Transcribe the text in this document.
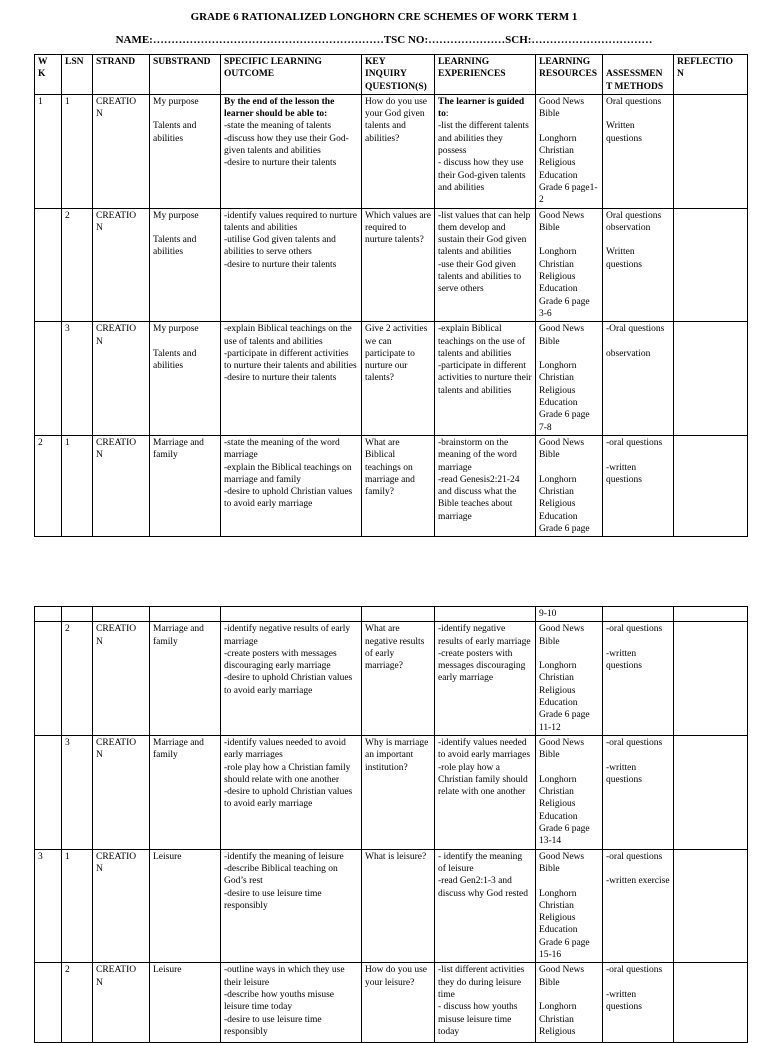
GRADE 6 RATIONALIZED LONGHORN CRE SCHEMES OF WORK TERM 1
NAME:………………………………………………………TSC NO:…………………SCH:……………………………
W
K	LSN	STRAND	SUBSTRAND	SPECIFIC LEARNING
OUTCOME	KEY
INQUIRY
QUESTION(S)	LEARNING
EXPERIENCES	LEARNING
RESOURCES	ASSESSMEN
T METHODS	REFLECTIO
N
1	1	CREATIO
N	My purpose

Talents and
abilities	By the end of the lesson the learner should be able to:
-state the meaning of talents
-discuss how they use their God-given talents and abilities
-desire to nurture their talents	How do you use your God given talents and abilities?	The learner is guided to:
-list the different talents and abilities they possess
- discuss how they use their God-given talents and abilities	Good News Bible

Longhorn Christian Religious Education Grade 6 page1-2	Oral questions

Written questions	
	2	CREATIO
N	My purpose

Talents and
abilities	-identify values required to nurture talents and abilities
-utilise God given talents and abilities to serve others
-desire to nurture their talents	Which values are required to nurture talents?	-list values that can help them develop and sustain their God given talents and abilities
-use their God given talents and abilities to serve others	Good News Bible

Longhorn Christian Religious Education Grade 6 page 3-6	Oral questions observation

Written questions	
	3	CREATIO
N	My purpose

Talents and
abilities	-explain Biblical teachings on the use of talents and abilities
-participate in different activities to nurture their talents and abilities
-desire to nurture their talents	Give 2 activities we can participate to nurture our talents?	-explain Biblical teachings on the use of talents and abilities
-participate in different activities to nurture their talents and abilities	Good News Bible

Longhorn Christian Religious Education Grade 6 page 7-8	-Oral questions

observation	
2	1	CREATIO
N	Marriage and family	-state the meaning of the word marriage
-explain the Biblical teachings on marriage and family
-desire to uphold Christian values to avoid early marriage	What are Biblical teachings on marriage and family?	-brainstorm on the meaning of the word marriage
-read Genesis2:21-24 and discuss what the Bible teaches about marriage	Good News Bible

Longhorn Christian Religious Education Grade 6 page	-oral questions

-written questions	
							9-10		
	2	CREATIO
N	Marriage and family	-identify negative results of early marriage
-create posters with messages discouraging early marriage
-desire to uphold Christian values to avoid early marriage	What are negative results of early marriage?	-identify negative results of early marriage
-create posters with messages discouraging early marriage	Good News Bible

Longhorn Christian Religious Education Grade 6 page 11-12	-oral questions

-written questions	
	3	CREATIO
N	Marriage and family	-identify values needed to avoid early marriages
-role play how a Christian family should relate with one another
-desire to uphold Christian values to avoid early marriage	Why is marriage an important institution?	-identify values needed to avoid early marriages
-role play how a Christian family should relate with one another	Good News Bible

Longhorn Christian Religious Education Grade 6 page 13-14	-oral questions

-written questions	
3	1	CREATIO
N	Leisure	-identify the meaning of leisure
-describe Biblical teaching on God’s rest
-desire to use leisure time responsibly	What is leisure?	- identify the meaning of leisure
-read Gen2:1-3 and discuss why God rested	Good News Bible

Longhorn Christian Religious Education Grade 6 page 15-16	-oral questions

-written exercise	
	2	CREATIO
N	Leisure	-outline ways in which they use their leisure
-describe how youths misuse leisure time today
-desire to use leisure time responsibly	How do you use your leisure?	-list different activities they do during leisure time
- discuss how youths misuse leisure time today	Good News Bible

Longhorn Christian Religious	-oral questions

-written questions	
